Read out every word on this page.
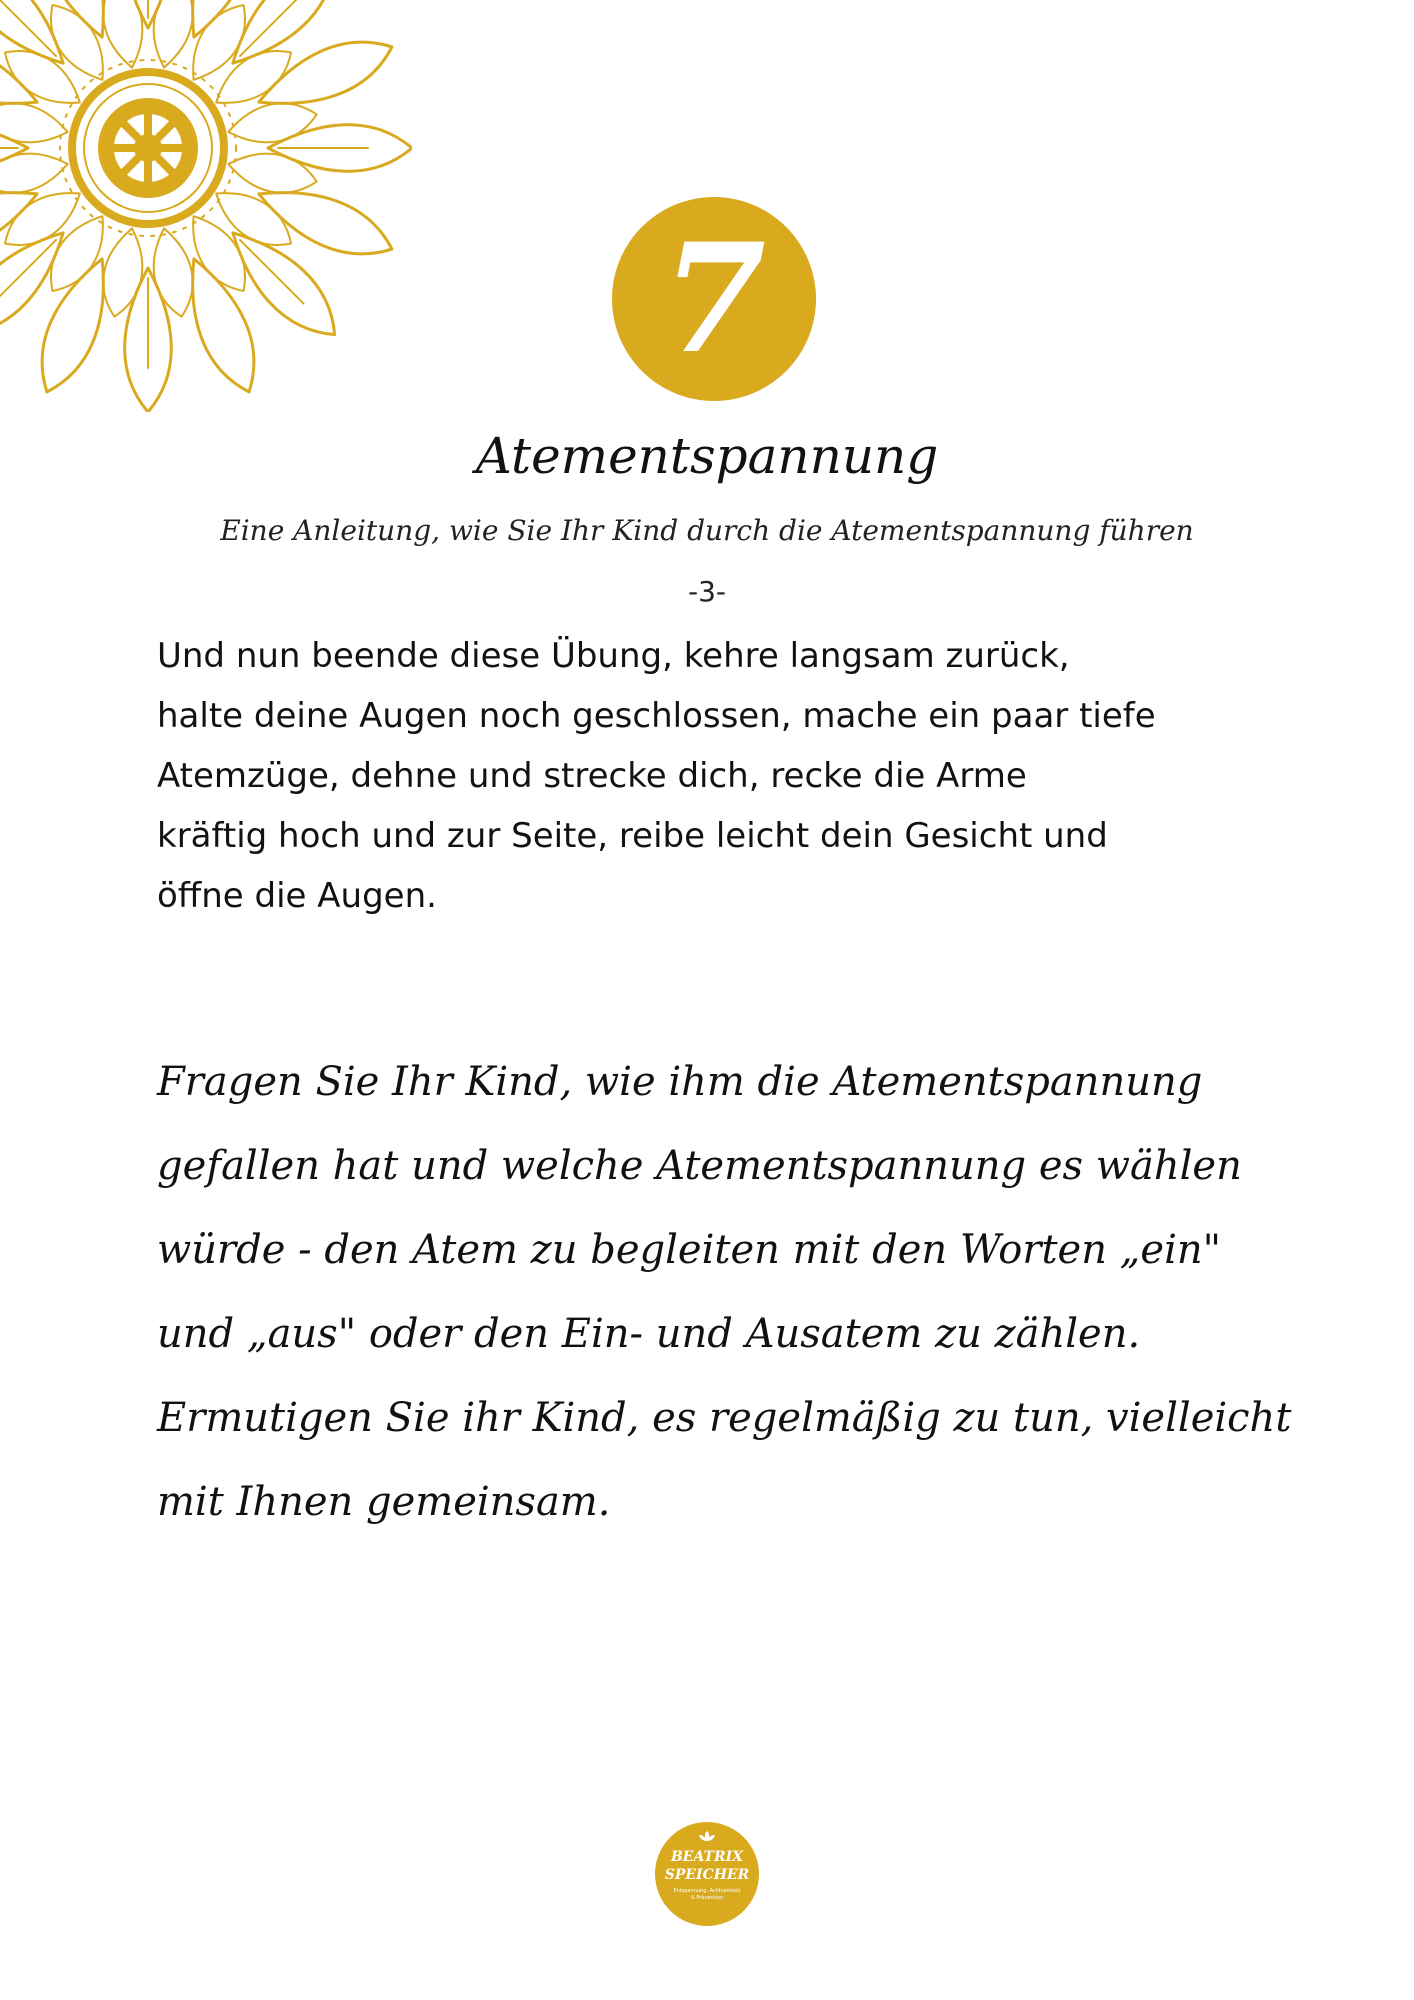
7
Atementspannung
Eine Anleitung, wie Sie Ihr Kind durch die Atementspannung führen
-3-
Und nun beende diese Übung, kehre langsam zurück,
halte deine Augen noch geschlossen, mache ein paar tiefe
Atemzüge, dehne und strecke dich, recke die Arme
kräftig hoch und zur Seite, reibe leicht dein Gesicht und
öffne die Augen.
Fragen Sie Ihr Kind, wie ihm die Atementspannung
gefallen hat und welche Atementspannung es wählen
würde - den Atem zu begleiten mit den Worten „ein"
und „aus" oder den Ein- und Ausatem zu zählen.
Ermutigen Sie ihr Kind, es regelmäßig zu tun, vielleicht
mit Ihnen gemeinsam.
BEATRIX
SPEICHER
Entspannung, Achtsamkeit
& Prävention
